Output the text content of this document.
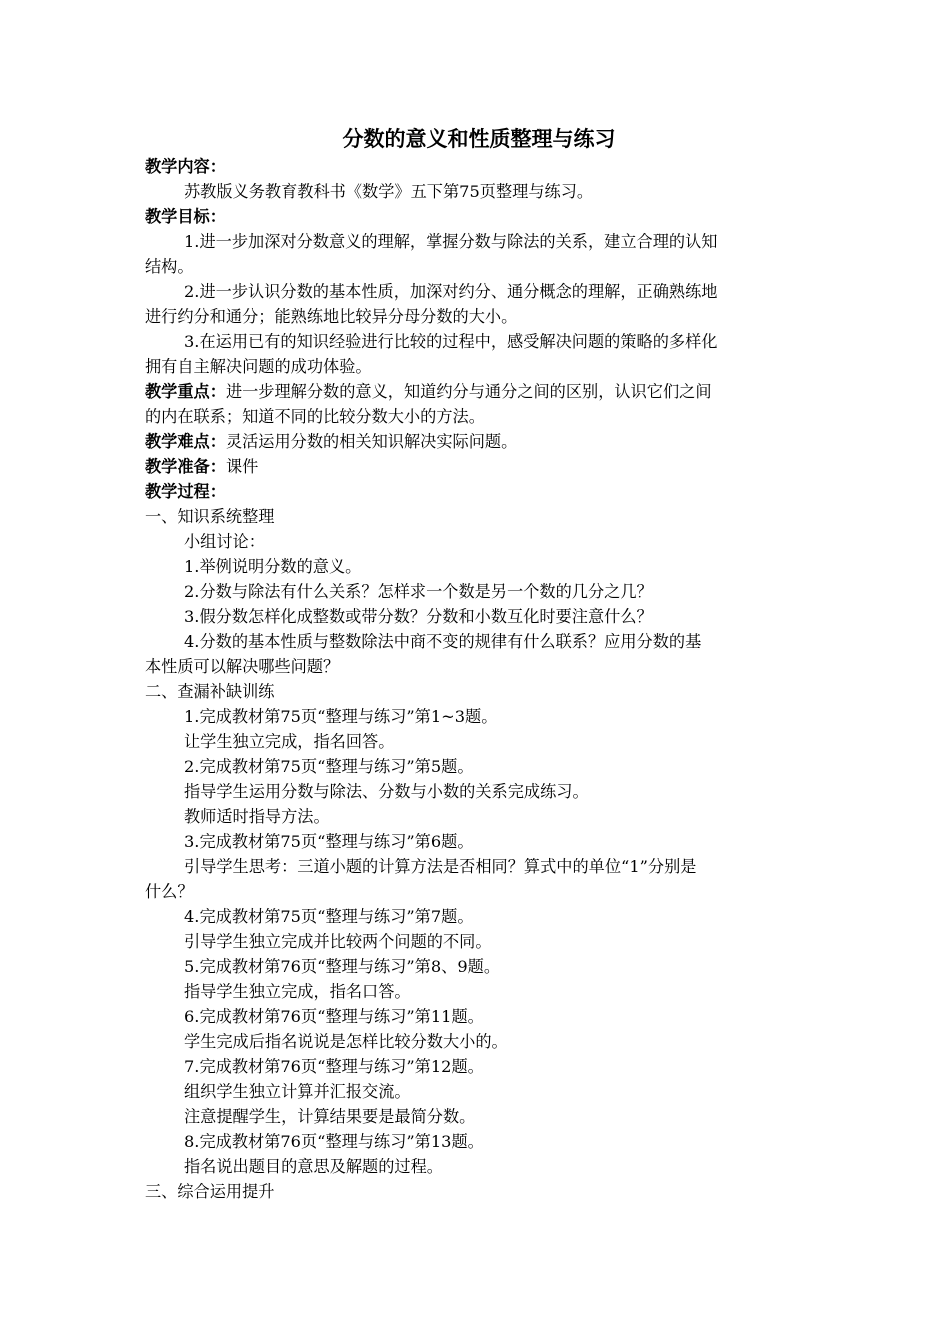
分数的意义和性质整理与练习
教学内容：
苏教版义务教育教科书《数学》五下第75页整理与练习。
教学目标：
1.进一步加深对分数意义的理解，掌握分数与除法的关系，建立合理的认知
结构。
2.进一步认识分数的基本性质，加深对约分、通分概念的理解，正确熟练地
进行约分和通分；能熟练地比较异分母分数的大小。
3.在运用已有的知识经验进行比较的过程中，感受解决问题的策略的多样化
拥有自主解决问题的成功体验。
教学重点：进一步理解分数的意义，知道约分与通分之间的区别，认识它们之间
的内在联系；知道不同的比较分数大小的方法。
教学难点：灵活运用分数的相关知识解决实际问题。
教学准备：课件
教学过程：
一、知识系统整理
小组讨论：
1.举例说明分数的意义。
2.分数与除法有什么关系？怎样求一个数是另一个数的几分之几？
3.假分数怎样化成整数或带分数？分数和小数互化时要注意什么？
4.分数的基本性质与整数除法中商不变的规律有什么联系？应用分数的基
本性质可以解决哪些问题？
二、查漏补缺训练
1.完成教材第75页“整理与练习”第1~3题。
让学生独立完成，指名回答。
2.完成教材第75页“整理与练习”第5题。
指导学生运用分数与除法、分数与小数的关系完成练习。
教师适时指导方法。
3.完成教材第75页“整理与练习”第6题。
引导学生思考：三道小题的计算方法是否相同？算式中的单位“1”分别是
什么？
4.完成教材第75页“整理与练习”第7题。
引导学生独立完成并比较两个问题的不同。
5.完成教材第76页“整理与练习”第8、9题。
指导学生独立完成，指名口答。
6.完成教材第76页“整理与练习”第11题。
学生完成后指名说说是怎样比较分数大小的。
7.完成教材第76页“整理与练习”第12题。
组织学生独立计算并汇报交流。
注意提醒学生，计算结果要是最简分数。
8.完成教材第76页“整理与练习”第13题。
指名说出题目的意思及解题的过程。
三、综合运用提升
